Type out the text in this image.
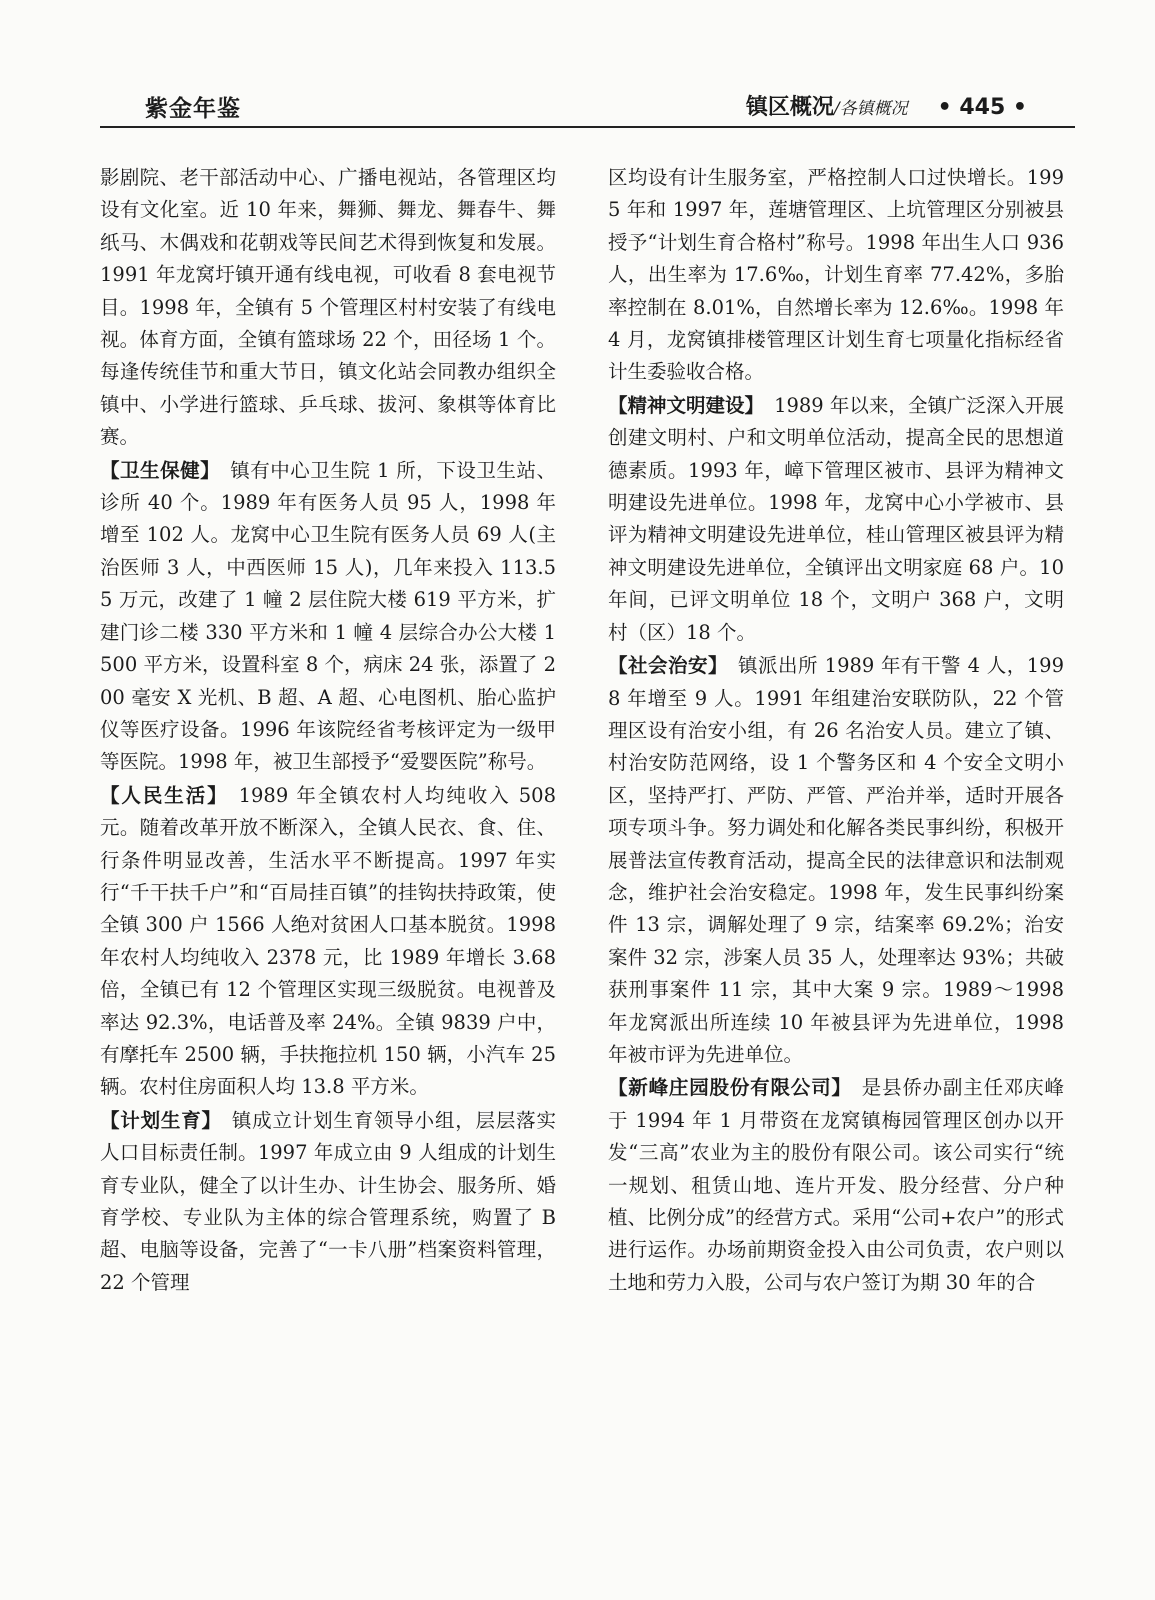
紫金年鉴	镇区概况/各镇概况 • 445 •

影剧院、老干部活动中心、广播电视站，各管理区均设有文化室。近 10 年来，舞狮、舞龙、舞春牛、舞纸马、木偶戏和花朝戏等民间艺术得到恢复和发展。1991 年龙窝圩镇开通有线电视，可收看 8 套电视节目。1998 年，全镇有 5 个管理区村村安装了有线电视。体育方面，全镇有篮球场 22 个，田径场 1 个。每逢传统佳节和重大节日，镇文化站会同教办组织全镇中、小学进行篮球、乒乓球、拔河、象棋等体育比赛。

【卫生保健】 镇有中心卫生院 1 所，下设卫生站、诊所 40 个。1989 年有医务人员 95 人，1998 年增至 102 人。龙窝中心卫生院有医务人员 69 人(主治医师 3 人，中西医师 15 人)，几年来投入 113.55 万元，改建了 1 幢 2 层住院大楼 619 平方米，扩建门诊二楼 330 平方米和 1 幢 4 层综合办公大楼 1500 平方米，设置科室 8 个，病床 24 张，添置了 200 毫安 X 光机、B 超、A 超、心电图机、胎心监护仪等医疗设备。1996 年该院经省考核评定为一级甲等医院。1998 年，被卫生部授予“爱婴医院”称号。

【人民生活】 1989 年全镇农村人均纯收入 508 元。随着改革开放不断深入，全镇人民衣、食、住、行条件明显改善，生活水平不断提高。1997 年实行“千干扶千户”和“百局挂百镇”的挂钩扶持政策，使全镇 300 户 1566 人绝对贫困人口基本脱贫。1998 年农村人均纯收入 2378 元，比 1989 年增长 3.68 倍，全镇已有 12 个管理区实现三级脱贫。电视普及率达 92.3%，电话普及率 24%。全镇 9839 户中，有摩托车 2500 辆，手扶拖拉机 150 辆，小汽车 25 辆。农村住房面积人均 13.8 平方米。

【计划生育】 镇成立计划生育领导小组，层层落实人口目标责任制。1997 年成立由 9 人组成的计划生育专业队，健全了以计生办、计生协会、服务所、婚育学校、专业队为主体的综合管理系统，购置了 B 超、电脑等设备，完善了“一卡八册”档案资料管理，22 个管理

区均设有计生服务室，严格控制人口过快增长。1995 年和 1997 年，莲塘管理区、上坑管理区分别被县授予“计划生育合格村”称号。1998 年出生人口 936 人，出生率为 17.6‰，计划生育率 77.42%，多胎率控制在 8.01%，自然增长率为 12.6‰。1998 年 4 月，龙窝镇排楼管理区计划生育七项量化指标经省计生委验收合格。

【精神文明建设】 1989 年以来，全镇广泛深入开展创建文明村、户和文明单位活动，提高全民的思想道德素质。1993 年，嶂下管理区被市、县评为精神文明建设先进单位。1998 年，龙窝中心小学被市、县评为精神文明建设先进单位，桂山管理区被县评为精神文明建设先进单位，全镇评出文明家庭 68 户。10 年间，已评文明单位 18 个，文明户 368 户，文明村（区）18 个。

【社会治安】 镇派出所 1989 年有干警 4 人，1998 年增至 9 人。1991 年组建治安联防队，22 个管理区设有治安小组，有 26 名治安人员。建立了镇、村治安防范网络，设 1 个警务区和 4 个安全文明小区，坚持严打、严防、严管、严治并举，适时开展各项专项斗争。努力调处和化解各类民事纠纷，积极开展普法宣传教育活动，提高全民的法律意识和法制观念，维护社会治安稳定。1998 年，发生民事纠纷案件 13 宗，调解处理了 9 宗，结案率 69.2%；治安案件 32 宗，涉案人员 35 人，处理率达 93%；共破获刑事案件 11 宗，其中大案 9 宗。1989～1998 年龙窝派出所连续 10 年被县评为先进单位，1998 年被市评为先进单位。

【新峰庄园股份有限公司】 是县侨办副主任邓庆峰于 1994 年 1 月带资在龙窝镇梅园管理区创办以开发“三高”农业为主的股份有限公司。该公司实行“统一规划、租赁山地、连片开发、股分经营、分户种植、比例分成”的经营方式。采用“公司+农户”的形式进行运作。办场前期资金投入由公司负责，农户则以土地和劳力入股，公司与农户签订为期 30 年的合
